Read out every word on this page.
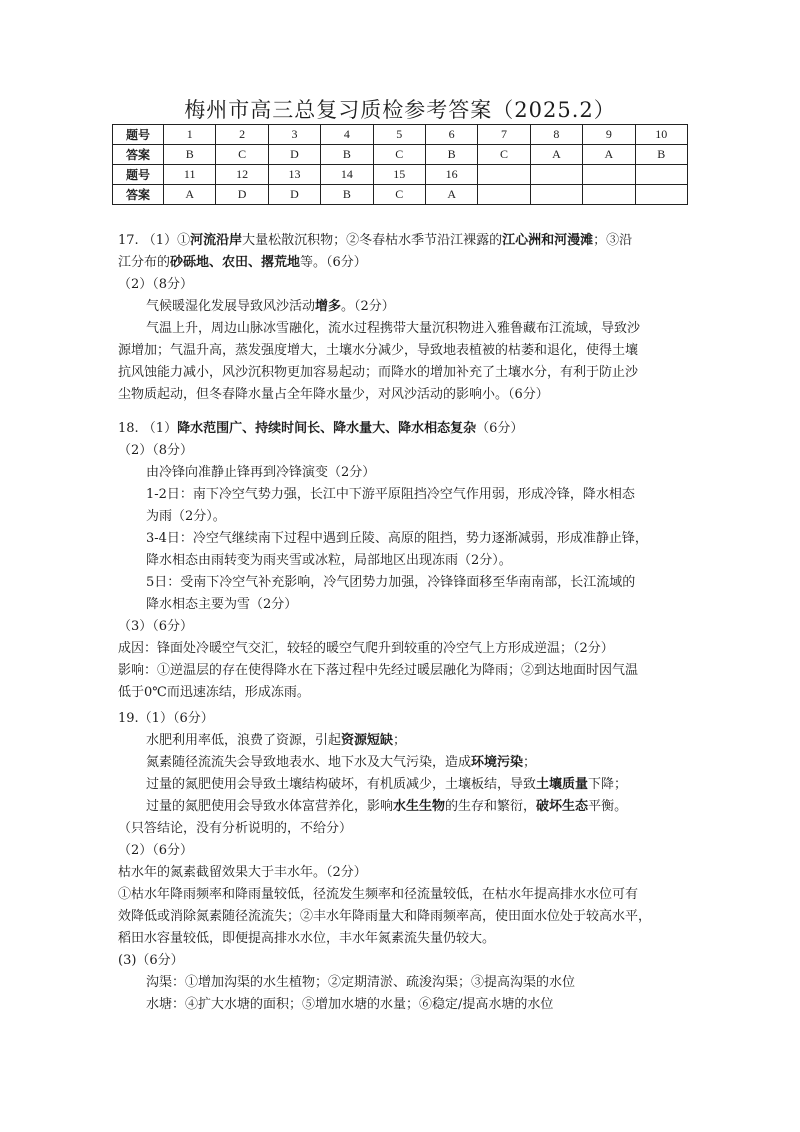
梅州市高三总复习质检参考答案（2025.2）
题号	1	2	3	4	5	6	7	8	9	10
答案	B	C	D	B	C	B	C	A	A	B
题号	11	12	13	14	15	16				
答案	A	D	D	B	C	A				
17. （1）①河流沿岸大量松散沉积物；②冬春枯水季节沿江裸露的江心洲和河漫滩；③沿
江分布的砂砾地、农田、撂荒地等。（6分）
（2）（8分）
气候暖湿化发展导致风沙活动增多。（2分）
气温上升，周边山脉冰雪融化，流水过程携带大量沉积物进入雅鲁藏布江流域，导致沙
源增加；气温升高，蒸发强度增大，土壤水分减少，导致地表植被的枯萎和退化，使得土壤
抗风蚀能力减小，风沙沉积物更加容易起动；而降水的增加补充了土壤水分，有利于防止沙
尘物质起动，但冬春降水量占全年降水量少，对风沙活动的影响小。（6分）
18. （1）降水范围广、持续时间长、降水量大、降水相态复杂（6分）
（2）（8分）
由冷锋向准静止锋再到冷锋演变（2分）
1-2日：南下冷空气势力强，长江中下游平原阻挡冷空气作用弱，形成冷锋，降水相态
为雨（2分）。
3-4日：冷空气继续南下过程中遇到丘陵、高原的阻挡，势力逐渐减弱，形成准静止锋，
降水相态由雨转变为雨夹雪或冰粒，局部地区出现冻雨（2分）。
5日：受南下冷空气补充影响，冷气团势力加强，冷锋锋面移至华南南部，长江流域的
降水相态主要为雪（2分）
（3）（6分）
成因：锋面处冷暖空气交汇，较轻的暖空气爬升到较重的冷空气上方形成逆温；（2分）
影响：①逆温层的存在使得降水在下落过程中先经过暖层融化为降雨；②到达地面时因气温
低于0℃而迅速冻结，形成冻雨。
19.（1）（6分）
水肥利用率低，浪费了资源，引起资源短缺；
氮素随径流流失会导致地表水、地下水及大气污染，造成环境污染；
过量的氮肥使用会导致土壤结构破坏，有机质减少，土壤板结，导致土壤质量下降；
过量的氮肥使用会导致水体富营养化，影响水生生物的生存和繁衍，破坏生态平衡。
（只答结论，没有分析说明的，不给分）
（2）（6分）
枯水年的氮素截留效果大于丰水年。（2分）
①枯水年降雨频率和降雨量较低，径流发生频率和径流量较低，在枯水年提高排水水位可有
效降低或消除氮素随径流流失；②丰水年降雨量大和降雨频率高，使田面水位处于较高水平，
稻田水容量较低，即便提高排水水位，丰水年氮素流失量仍较大。
(3)（6分）
沟渠：①增加沟渠的水生植物；②定期清淤、疏浚沟渠；③提高沟渠的水位
水塘：④扩大水塘的面积；⑤增加水塘的水量；⑥稳定/提高水塘的水位
